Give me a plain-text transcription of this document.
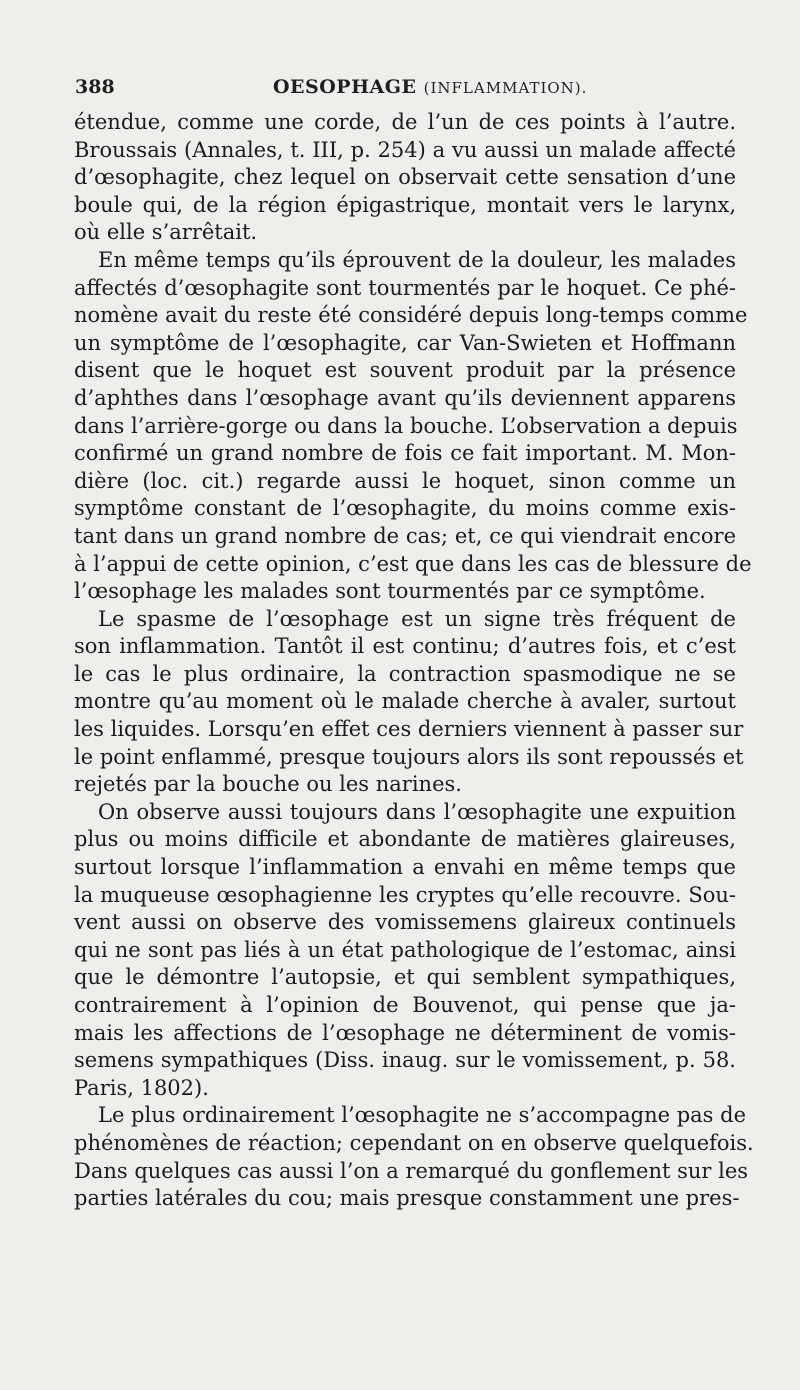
388	OESOPHAGE (INFLAMMATION).
étendue, comme une corde, de l’un de ces points à l’autre.
Broussais (Annales, t. III, p. 254) a vu aussi un malade affecté
d’œsophagite, chez lequel on observait cette sensation d’une
boule qui, de la région épigastrique, montait vers le larynx,
où elle s’arrêtait.
En même temps qu’ils éprouvent de la douleur, les malades
affectés d’œsophagite sont tourmentés par le hoquet. Ce phé-
nomène avait du reste été considéré depuis long-temps comme
un symptôme de l’œsophagite, car Van-Swieten et Hoffmann
disent que le hoquet est souvent produit par la présence
d’aphthes dans l’œsophage avant qu’ils deviennent apparens
dans l’arrière-gorge ou dans la bouche. L’observation a depuis
confirmé un grand nombre de fois ce fait important. M. Mon-
dière (loc. cit.) regarde aussi le hoquet, sinon comme un
symptôme constant de l’œsophagite, du moins comme exis-
tant dans un grand nombre de cas; et, ce qui viendrait encore
à l’appui de cette opinion, c’est que dans les cas de blessure de
l’œsophage les malades sont tourmentés par ce symptôme.
Le spasme de l’œsophage est un signe très fréquent de
son inflammation. Tantôt il est continu; d’autres fois, et c’est
le cas le plus ordinaire, la contraction spasmodique ne se
montre qu’au moment où le malade cherche à avaler, surtout
les liquides. Lorsqu’en effet ces derniers viennent à passer sur
le point enflammé, presque toujours alors ils sont repoussés et
rejetés par la bouche ou les narines.
On observe aussi toujours dans l’œsophagite une expuition
plus ou moins difficile et abondante de matières glaireuses,
surtout lorsque l’inflammation a envahi en même temps que
la muqueuse œsophagienne les cryptes qu’elle recouvre. Sou-
vent aussi on observe des vomissemens glaireux continuels
qui ne sont pas liés à un état pathologique de l’estomac, ainsi
que le démontre l’autopsie, et qui semblent sympathiques,
contrairement à l’opinion de Bouvenot, qui pense que ja-
mais les affections de l’œsophage ne déterminent de vomis-
semens sympathiques (Diss. inaug. sur le vomissement, p. 58.
Paris, 1802).
Le plus ordinairement l’œsophagite ne s’accompagne pas de
phénomènes de réaction; cependant on en observe quelquefois.
Dans quelques cas aussi l’on a remarqué du gonflement sur les
parties latérales du cou; mais presque constamment une pres-
